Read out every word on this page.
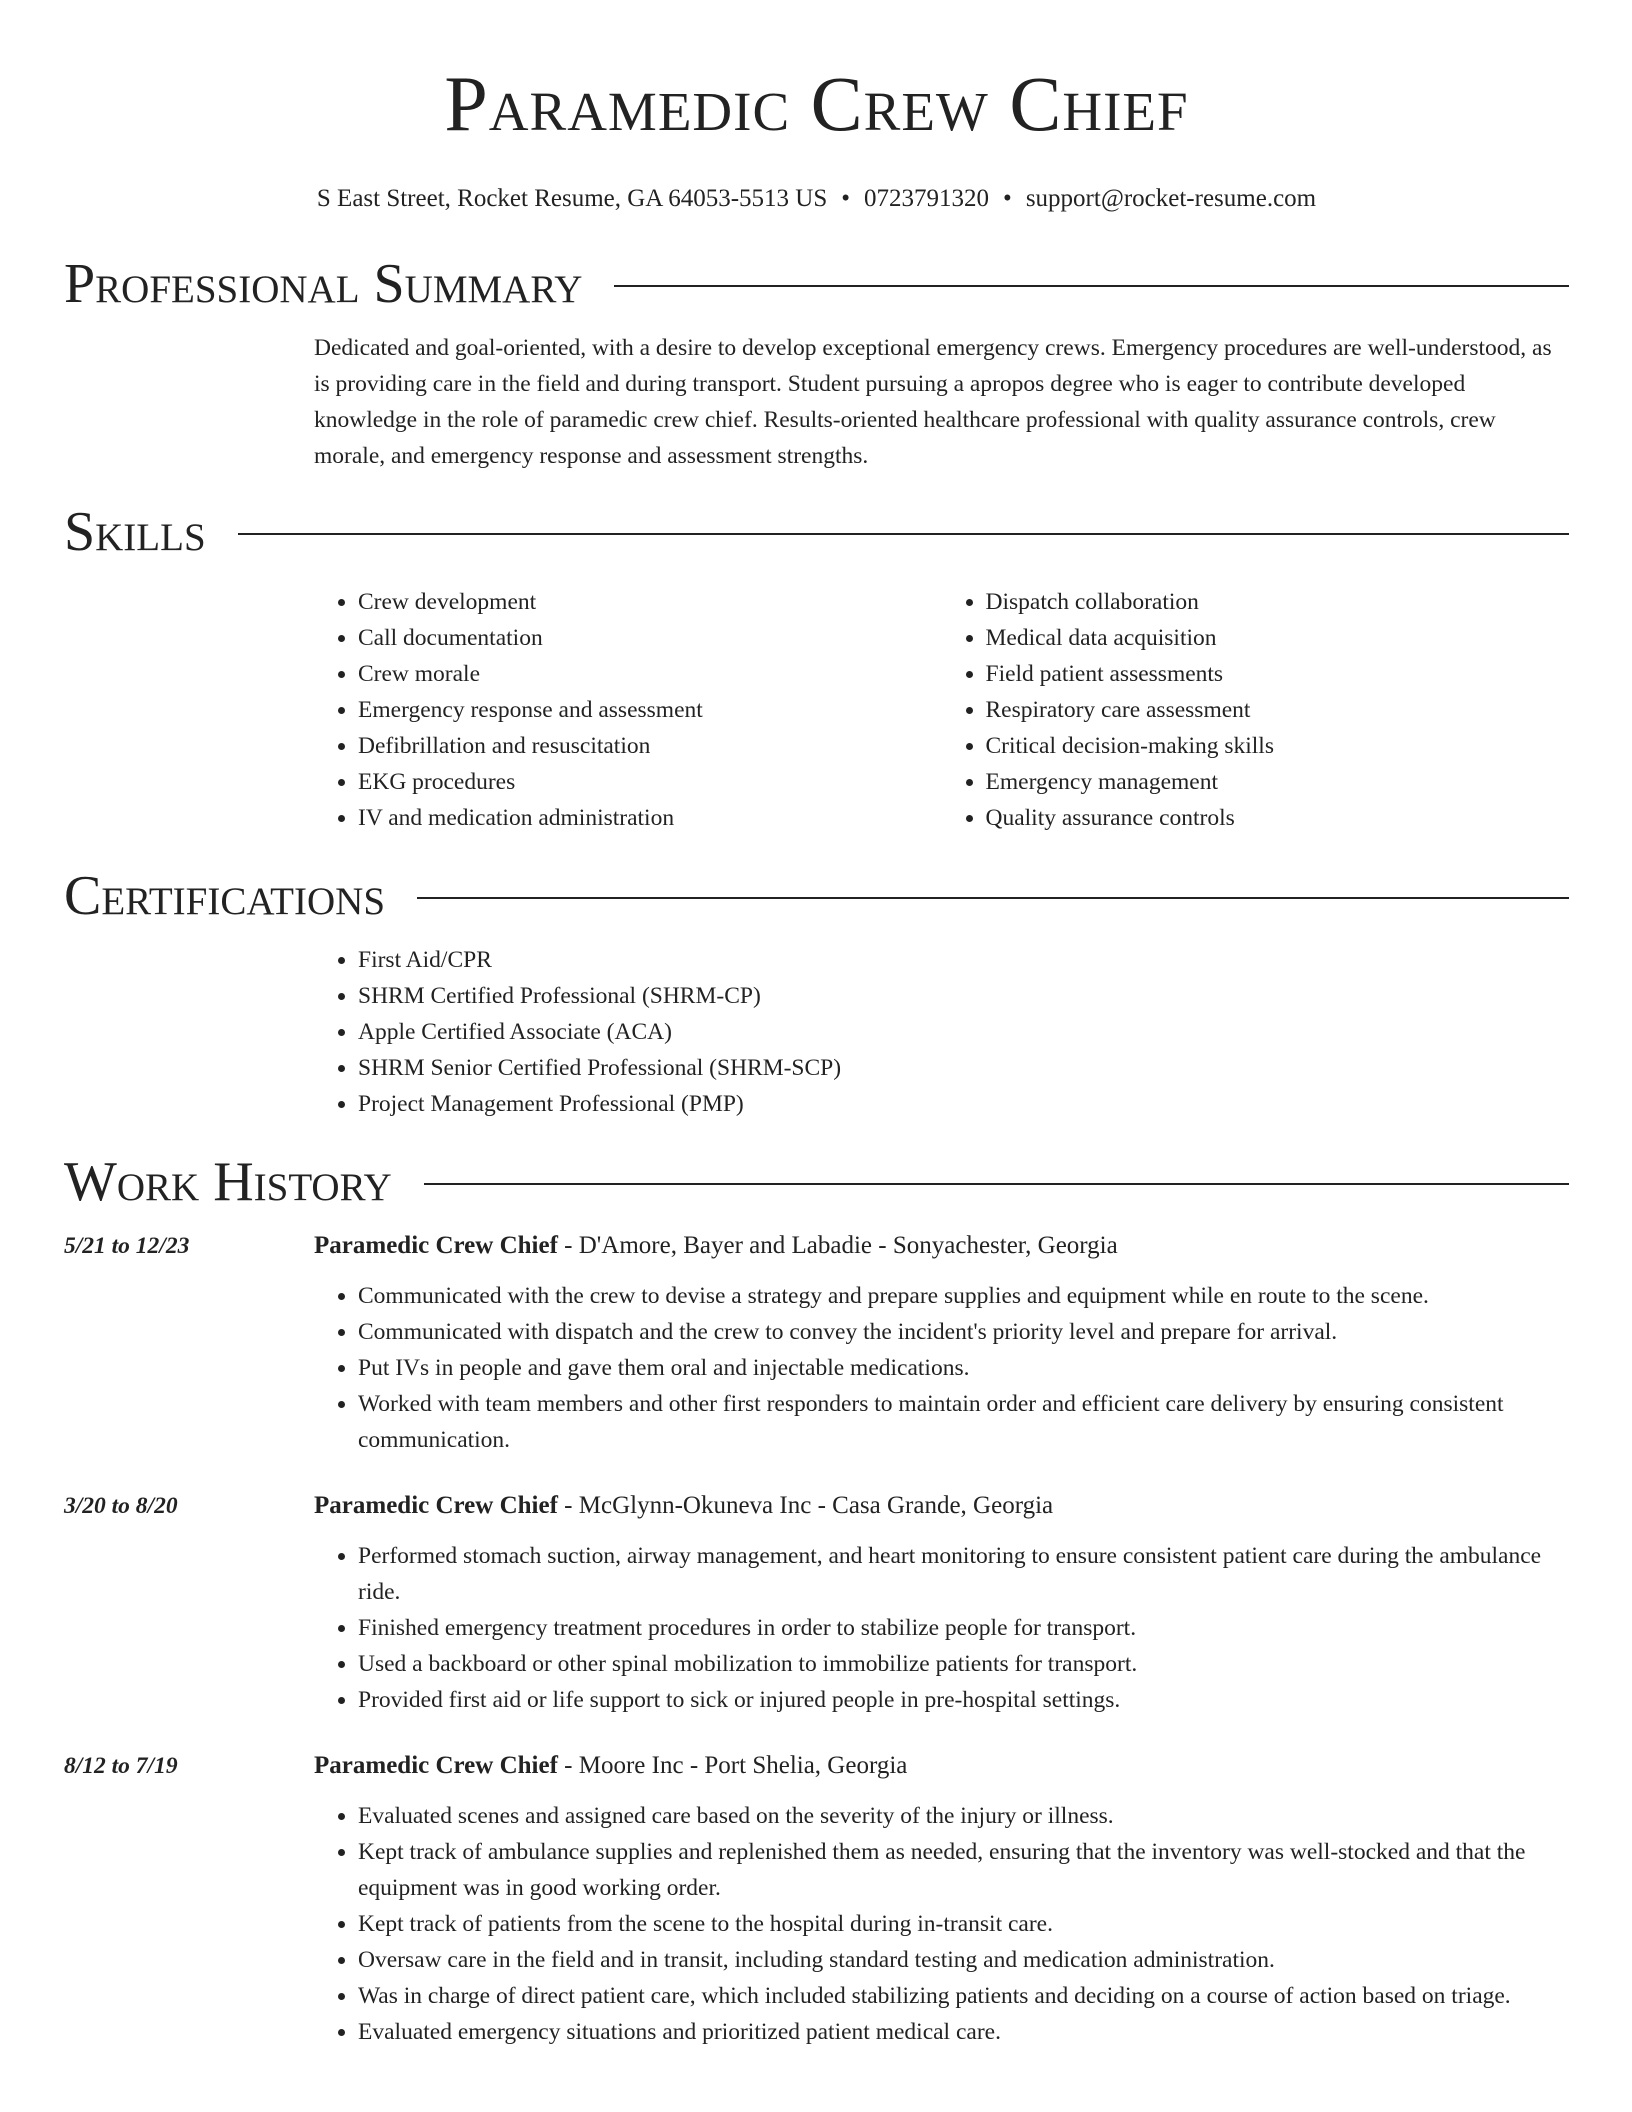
Paramedic Crew Chief
S East Street, Rocket Resume, GA 64053-5513 US • 0723791320 • support@rocket-resume.com
Professional Summary

Dedicated and goal-oriented, with a desire to develop exceptional emergency crews. Emergency procedures are well-understood, as is providing care in the field and during transport. Student pursuing a apropos degree who is eager to contribute developed knowledge in the role of paramedic crew chief. Results-oriented healthcare professional with quality assurance controls, crew morale, and emergency response and assessment strengths.

Skills
• Crew development
• Call documentation
• Crew morale
• Emergency response and assessment
• Defibrillation and resuscitation
• EKG procedures
• IV and medication administration
• Dispatch collaboration
• Medical data acquisition
• Field patient assessments
• Respiratory care assessment
• Critical decision-making skills
• Emergency management
• Quality assurance controls
Certifications
• First Aid/CPR
• SHRM Certified Professional (SHRM-CP)
• Apple Certified Associate (ACA)
• SHRM Senior Certified Professional (SHRM-SCP)
• Project Management Professional (PMP)
Work History
5/21 to 12/23	Paramedic Crew Chief - D'Amore, Bayer and Labadie - Sonyachester, Georgia
• Communicated with the crew to devise a strategy and prepare supplies and equipment while en route to the scene.
• Communicated with dispatch and the crew to convey the incident's priority level and prepare for arrival.
• Put IVs in people and gave them oral and injectable medications.
• Worked with team members and other first responders to maintain order and efficient care delivery by ensuring consistent communication.
3/20 to 8/20	Paramedic Crew Chief - McGlynn-Okuneva Inc - Casa Grande, Georgia
• Performed stomach suction, airway management, and heart monitoring to ensure consistent patient care during the ambulance ride.
• Finished emergency treatment procedures in order to stabilize people for transport.
• Used a backboard or other spinal mobilization to immobilize patients for transport.
• Provided first aid or life support to sick or injured people in pre-hospital settings.
8/12 to 7/19	Paramedic Crew Chief - Moore Inc - Port Shelia, Georgia
• Evaluated scenes and assigned care based on the severity of the injury or illness.
• Kept track of ambulance supplies and replenished them as needed, ensuring that the inventory was well-stocked and that the equipment was in good working order.
• Kept track of patients from the scene to the hospital during in-transit care.
• Oversaw care in the field and in transit, including standard testing and medication administration.
• Was in charge of direct patient care, which included stabilizing patients and deciding on a course of action based on triage.
• Evaluated emergency situations and prioritized patient medical care.
